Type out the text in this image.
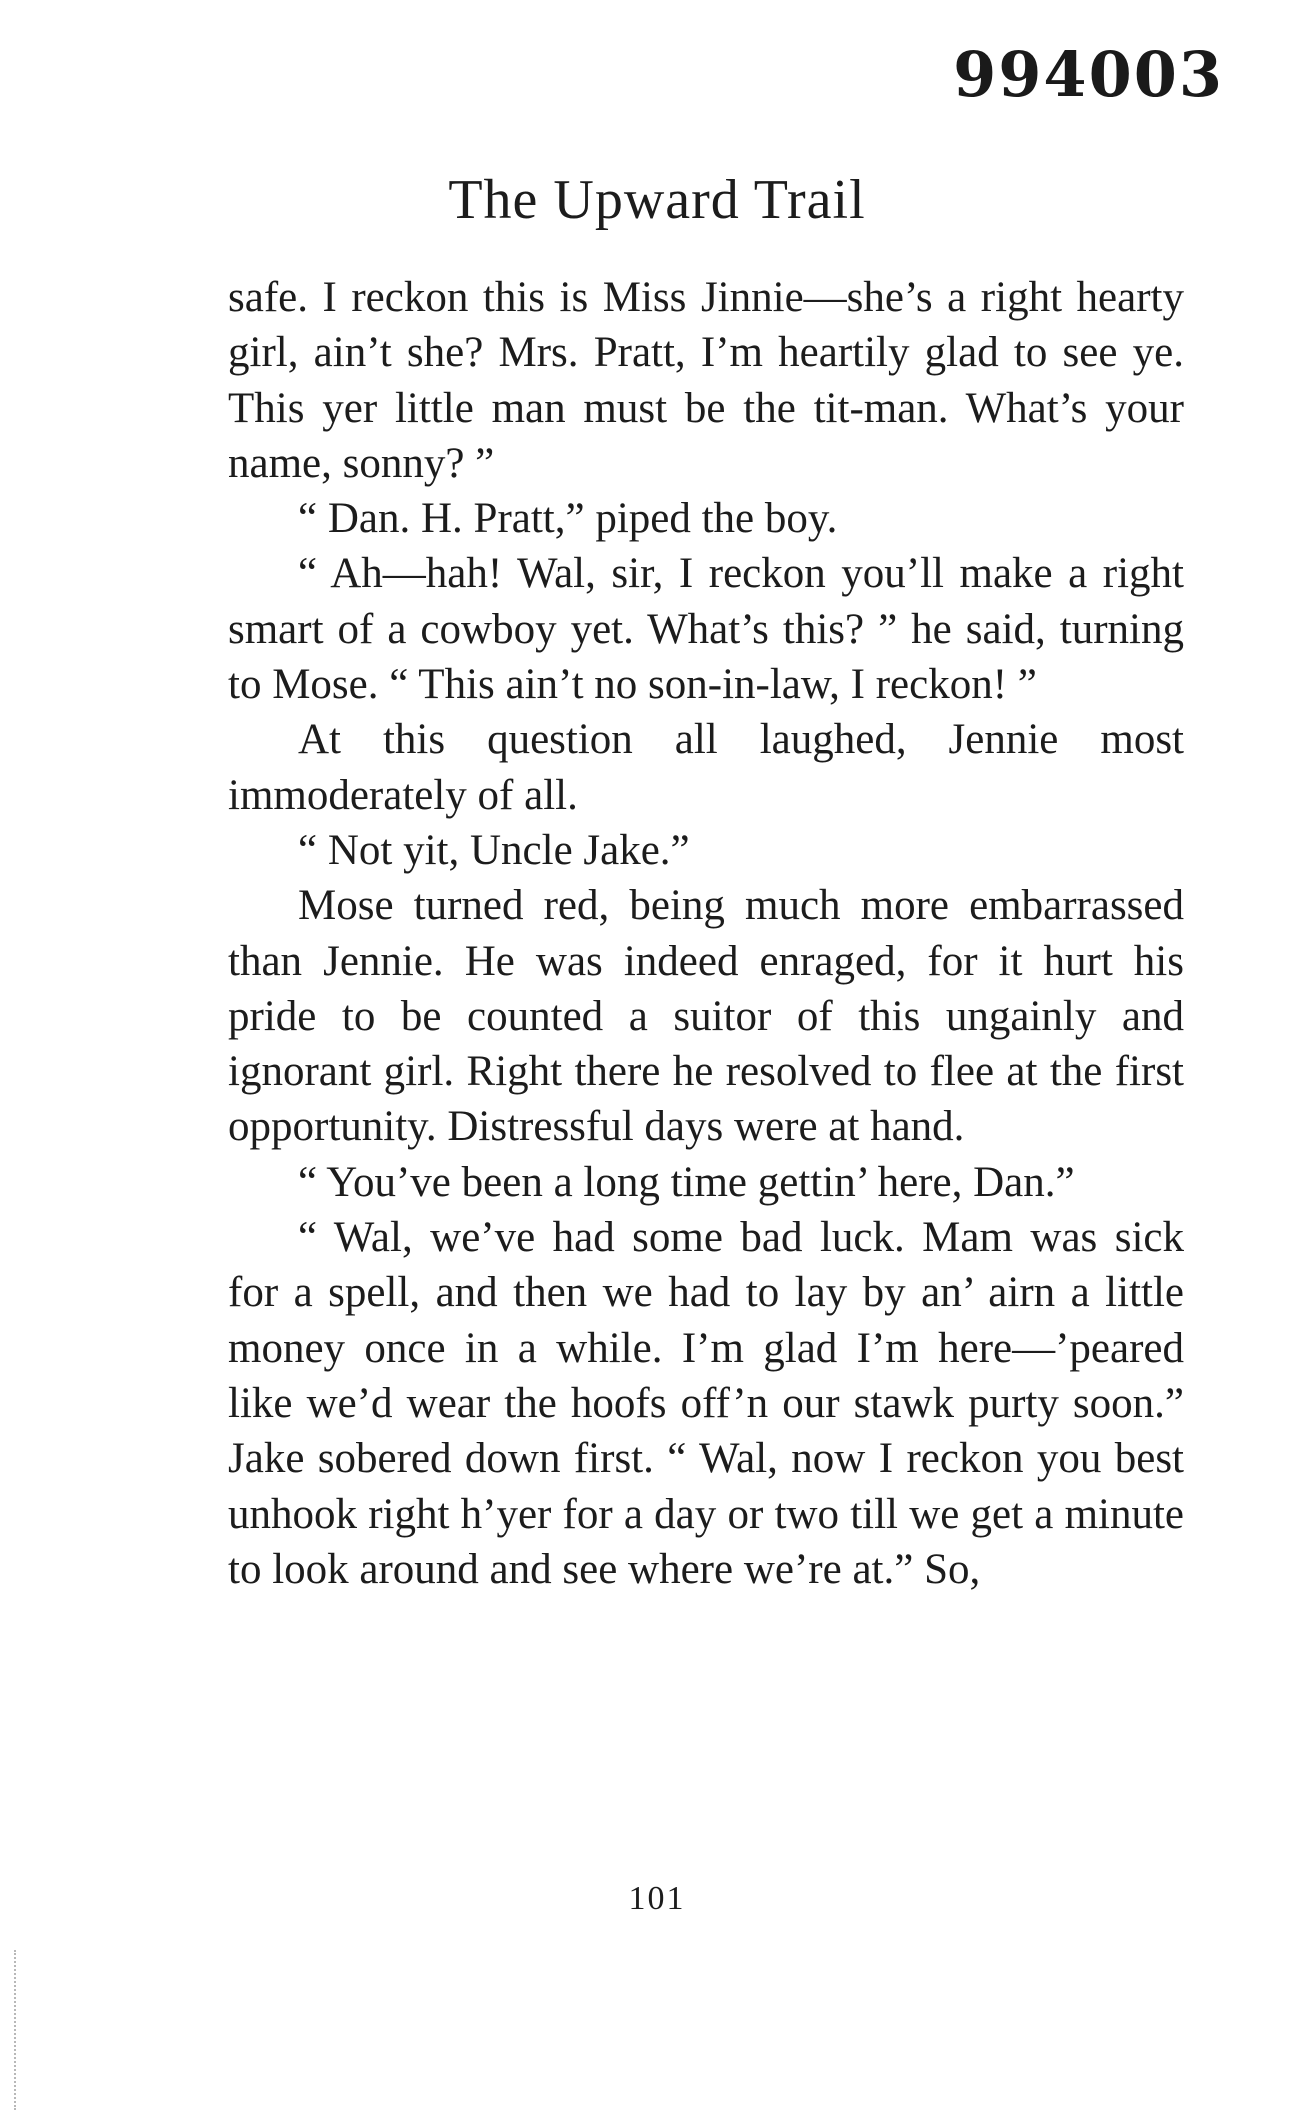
994003
The Upward Trail

safe. I reckon this is Miss Jinnie—she’s a right hearty girl, ain’t she? Mrs. Pratt, I’m heartily glad to see ye. This yer little man must be the tit-man. What’s your name, sonny? ”

“ Dan. H. Pratt,” piped the boy.

“ Ah—hah! Wal, sir, I reckon you’ll make a right smart of a cowboy yet. What’s this? ” he said, turning to Mose. “ This ain’t no son-in-law, I reckon! ”

At this question all laughed, Jennie most immoderately of all.

“ Not yit, Uncle Jake.”

Mose turned red, being much more embarrassed than Jennie. He was indeed enraged, for it hurt his pride to be counted a suitor of this ungainly and ignorant girl. Right there he resolved to flee at the first opportunity. Distressful days were at hand.

“ You’ve been a long time gettin’ here, Dan.”

“ Wal, we’ve had some bad luck. Mam was sick for a spell, and then we had to lay by an’ airn a little money once in a while. I’m glad I’m here—’peared like we’d wear the hoofs off’n our stawk purty soon.” Jake sobered down first. “ Wal, now I reckon you best unhook right h’yer for a day or two till we get a minute to look around and see where we’re at.” So,

101
